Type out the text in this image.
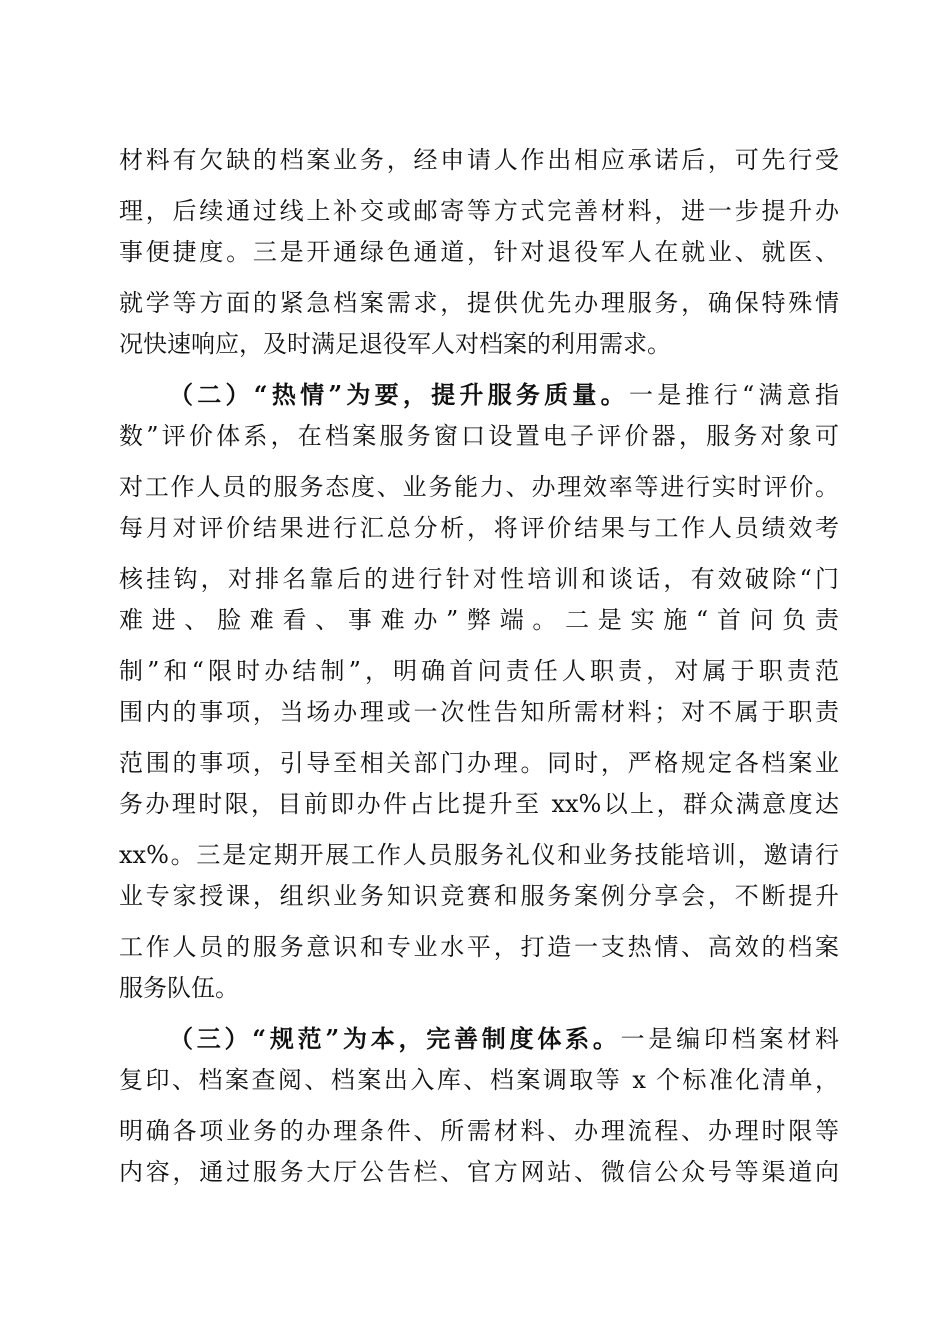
材料有欠缺的档案业务，经申请人作出相应承诺后，可先行受

理，后续通过线上补交或邮寄等方式完善材料，进一步提升办

事便捷度。三是开通绿色通道，针对退役军人在就业、就医、

就学等方面的紧急档案需求，提供优先办理服务，确保特殊情

况快速响应，及时满足退役军人对档案的利用需求。

（二）“热情”为要，提升服务质量。一是推行“满意指

数”评价体系，在档案服务窗口设置电子评价器，服务对象可

对工作人员的服务态度、业务能力、办理效率等进行实时评价。

每月对评价结果进行汇总分析，将评价结果与工作人员绩效考

核挂钩，对排名靠后的进行针对性培训和谈话，有效破除“门

难进、脸难看、事难办”弊端。二是实施“首问负责

制”和“限时办结制”，明确首问责任人职责，对属于职责范

围内的事项，当场办理或一次性告知所需材料；对不属于职责

范围的事项，引导至相关部门办理。同时，严格规定各档案业

务办理时限，目前即办件占比提升至 xx%以上，群众满意度达

xx%。三是定期开展工作人员服务礼仪和业务技能培训，邀请行

业专家授课，组织业务知识竞赛和服务案例分享会，不断提升

工作人员的服务意识和专业水平，打造一支热情、高效的档案

服务队伍。

（三）“规范”为本，完善制度体系。一是编印档案材料

复印、档案查阅、档案出入库、档案调取等 x 个标准化清单，

明确各项业务的办理条件、所需材料、办理流程、办理时限等

内容，通过服务大厅公告栏、官方网站、微信公众号等渠道向
